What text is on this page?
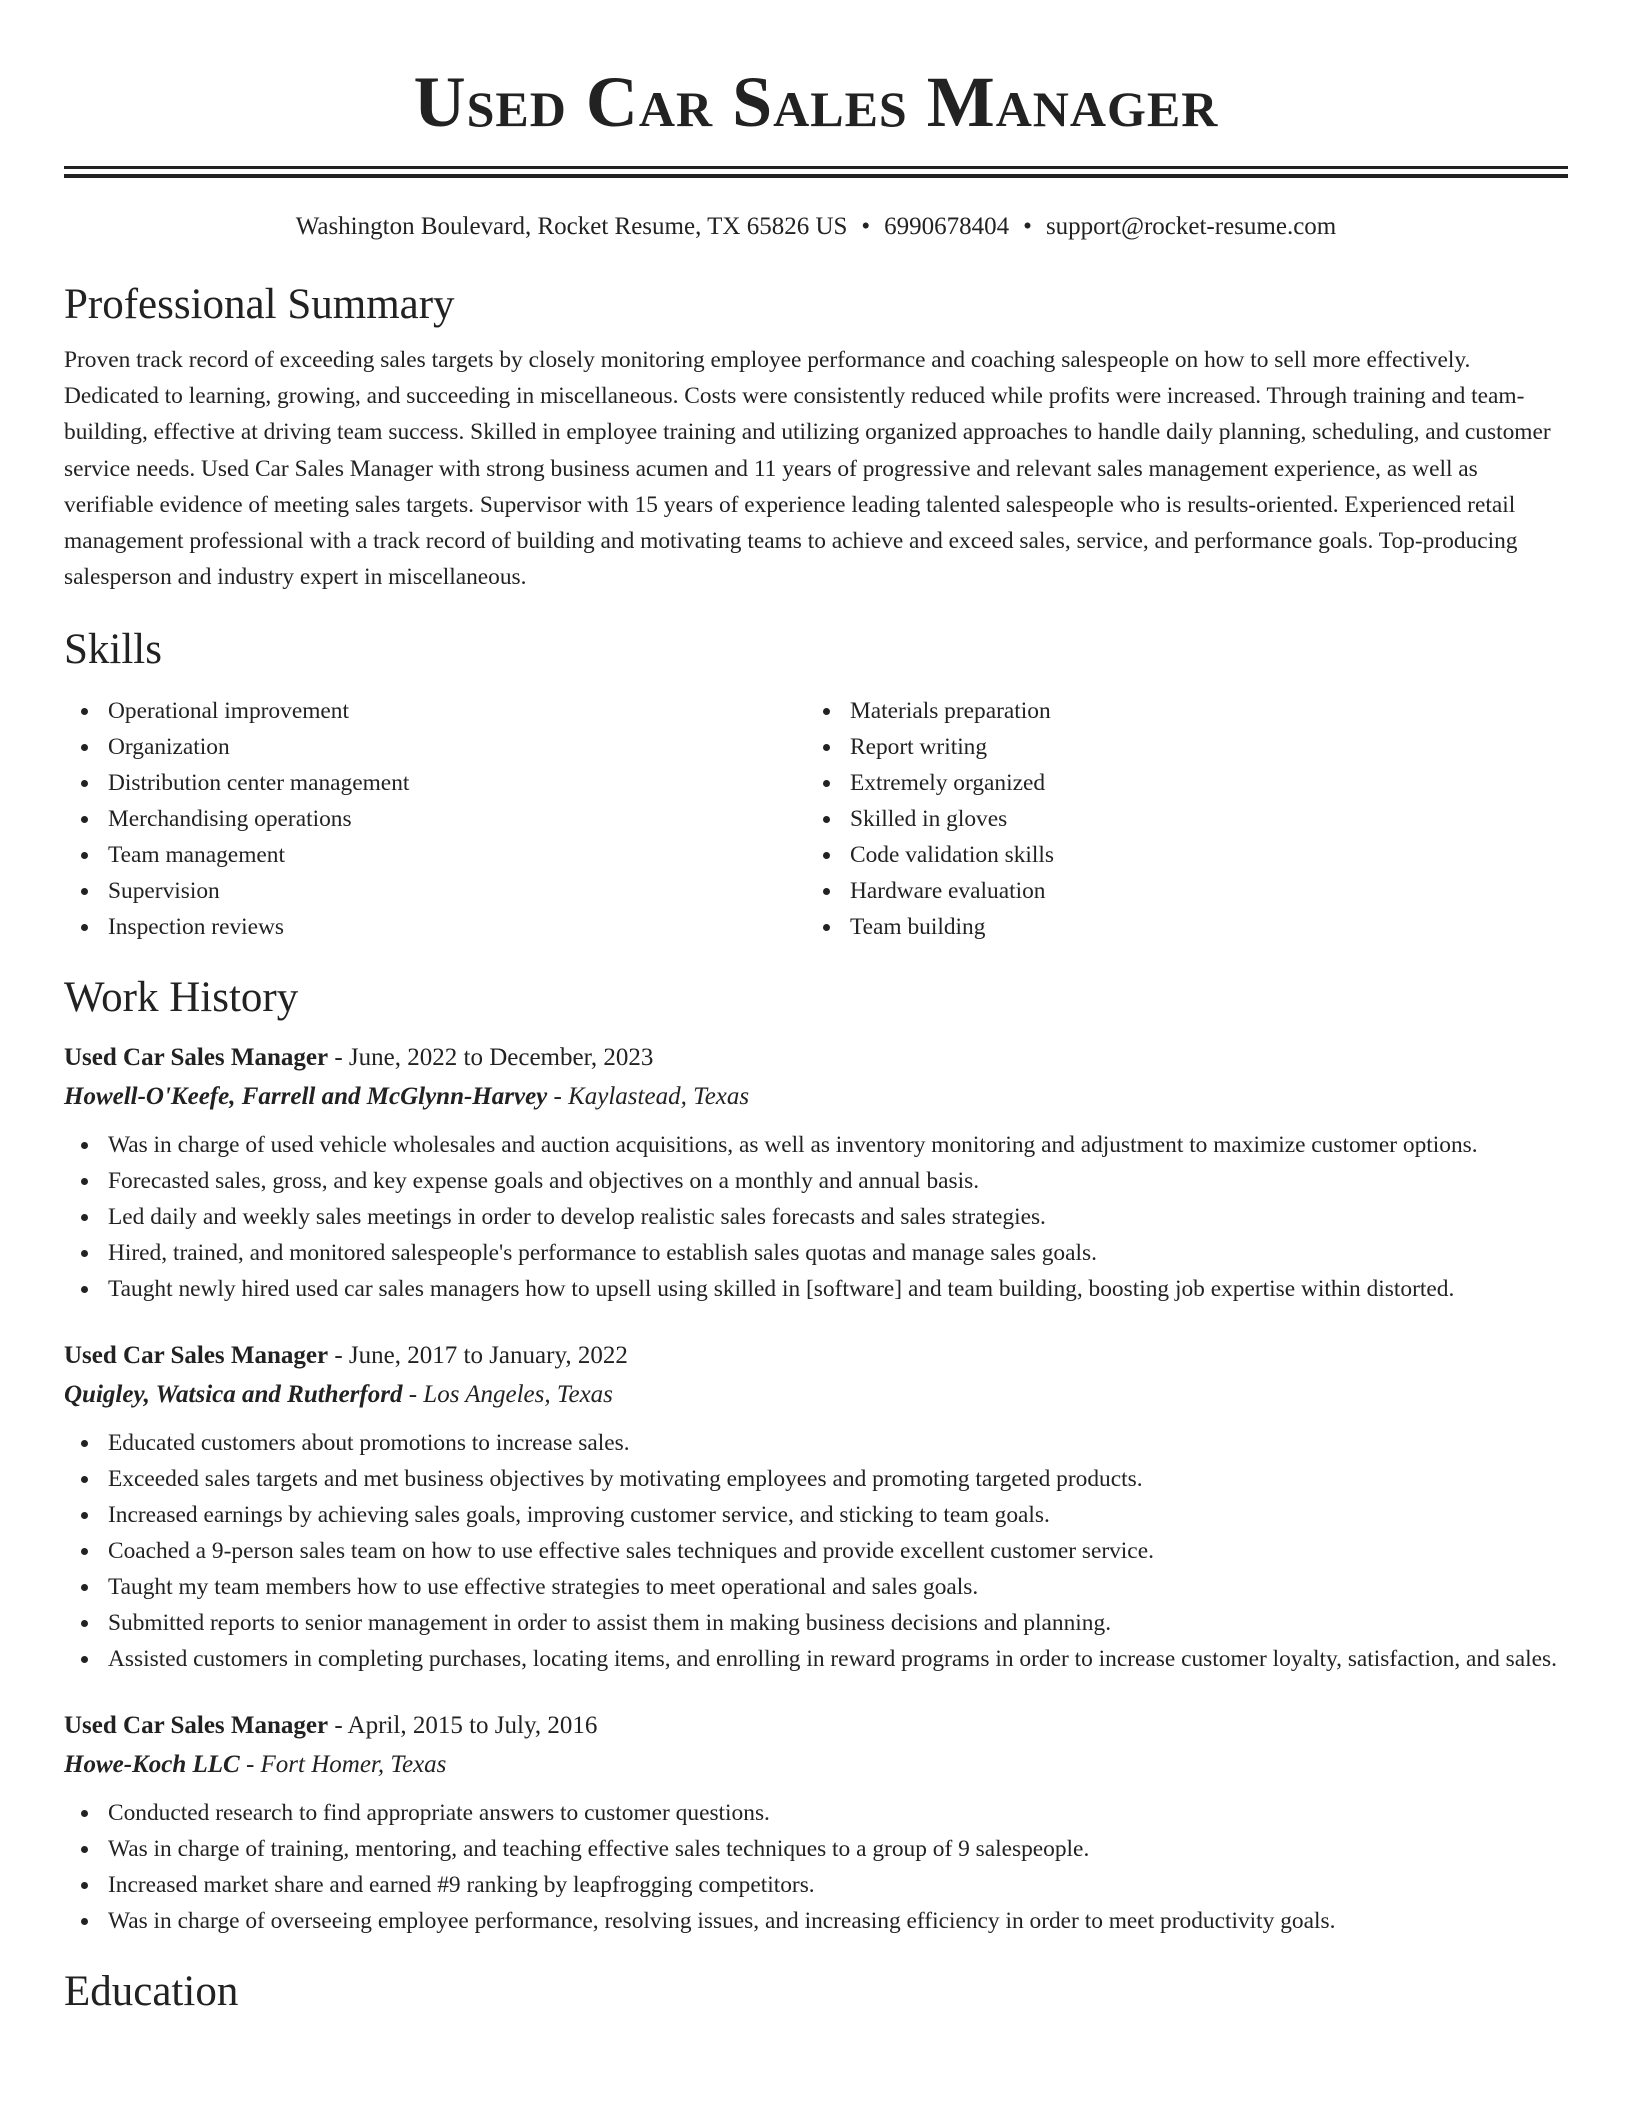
Used Car Sales Manager
Washington Boulevard, Rocket Resume, TX 65826 US • 6990678404 • support@rocket-resume.com
Professional Summary

Proven track record of exceeding sales targets by closely monitoring employee performance and coaching salespeople on how to sell more effectively. Dedicated to learning, growing, and succeeding in miscellaneous. Costs were consistently reduced while profits were increased. Through training and team-building, effective at driving team success. Skilled in employee training and utilizing organized approaches to handle daily planning, scheduling, and customer service needs. Used Car Sales Manager with strong business acumen and 11 years of progressive and relevant sales management experience, as well as verifiable evidence of meeting sales targets. Supervisor with 15 years of experience leading talented salespeople who is results-oriented. Experienced retail management professional with a track record of building and motivating teams to achieve and exceed sales, service, and performance goals. Top-producing salesperson and industry expert in miscellaneous.

Skills
Operational improvement
Organization
Distribution center management
Merchandising operations
Team management
Supervision
Inspection reviews
Materials preparation
Report writing
Extremely organized
Skilled in gloves
Code validation skills
Hardware evaluation
Team building
Work History
Used Car Sales Manager - June, 2022 to December, 2023
Howell-O'Keefe, Farrell and McGlynn-Harvey - Kaylastead, Texas
Was in charge of used vehicle wholesales and auction acquisitions, as well as inventory monitoring and adjustment to maximize customer options.
Forecasted sales, gross, and key expense goals and objectives on a monthly and annual basis.
Led daily and weekly sales meetings in order to develop realistic sales forecasts and sales strategies.
Hired, trained, and monitored salespeople's performance to establish sales quotas and manage sales goals.
Taught newly hired used car sales managers how to upsell using skilled in [software] and team building, boosting job expertise within distorted.
Used Car Sales Manager - June, 2017 to January, 2022
Quigley, Watsica and Rutherford - Los Angeles, Texas
Educated customers about promotions to increase sales.
Exceeded sales targets and met business objectives by motivating employees and promoting targeted products.
Increased earnings by achieving sales goals, improving customer service, and sticking to team goals.
Coached a 9-person sales team on how to use effective sales techniques and provide excellent customer service.
Taught my team members how to use effective strategies to meet operational and sales goals.
Submitted reports to senior management in order to assist them in making business decisions and planning.
Assisted customers in completing purchases, locating items, and enrolling in reward programs in order to increase customer loyalty, satisfaction, and sales.
Used Car Sales Manager - April, 2015 to July, 2016
Howe-Koch LLC - Fort Homer, Texas
Conducted research to find appropriate answers to customer questions.
Was in charge of training, mentoring, and teaching effective sales techniques to a group of 9 salespeople.
Increased market share and earned #9 ranking by leapfrogging competitors.
Was in charge of overseeing employee performance, resolving issues, and increasing efficiency in order to meet productivity goals.
Education
